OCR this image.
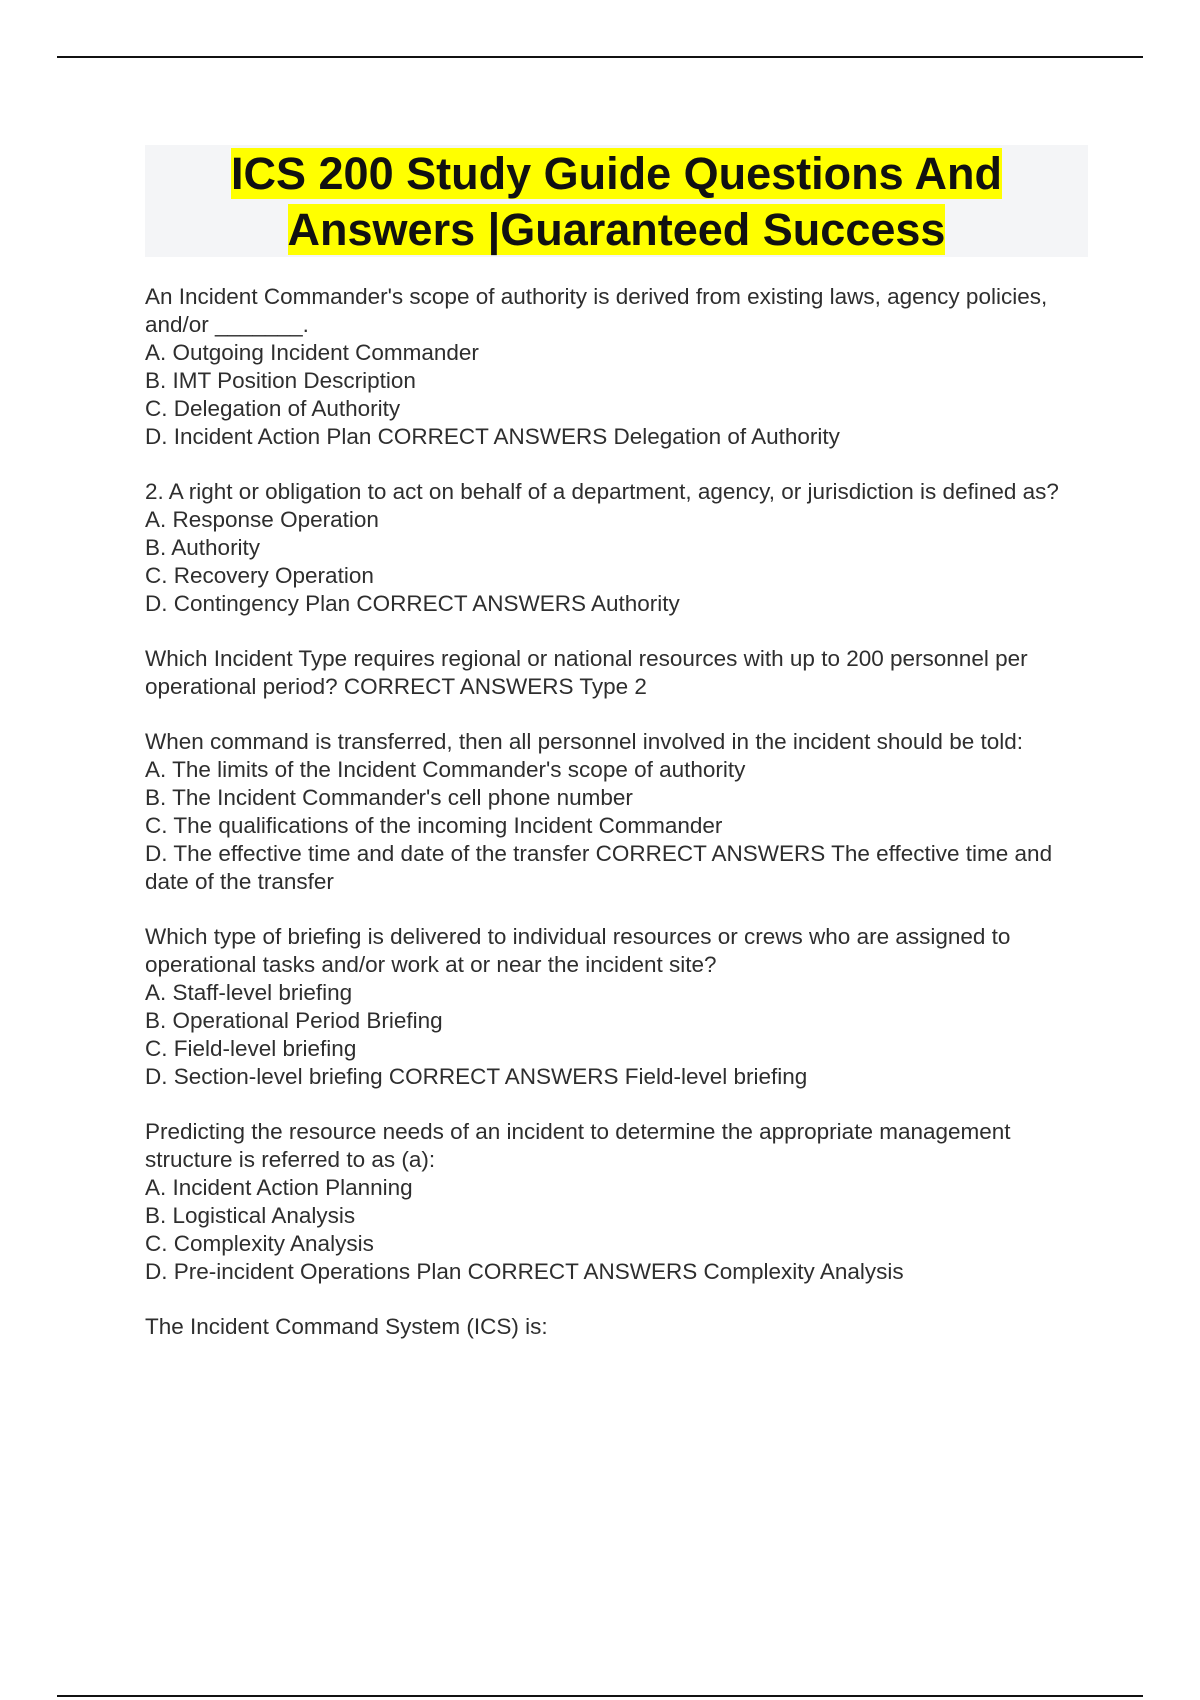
ICS 200 Study Guide Questions And
Answers |Guaranteed Success
An Incident Commander's scope of authority is derived from existing laws, agency policies, and/or _______.
A. Outgoing Incident Commander
B. IMT Position Description
C. Delegation of Authority
D. Incident Action Plan CORRECT ANSWERS Delegation of Authority
2. A right or obligation to act on behalf of a department, agency, or jurisdiction is defined as?
A. Response Operation
B. Authority
C. Recovery Operation
D. Contingency Plan CORRECT ANSWERS Authority
Which Incident Type requires regional or national resources with up to 200 personnel per operational period? CORRECT ANSWERS Type 2
When command is transferred, then all personnel involved in the incident should be told:
A. The limits of the Incident Commander's scope of authority
B. The Incident Commander's cell phone number
C. The qualifications of the incoming Incident Commander
D. The effective time and date of the transfer CORRECT ANSWERS The effective time and date of the transfer
Which type of briefing is delivered to individual resources or crews who are assigned to operational tasks and/or work at or near the incident site?
A. Staff-level briefing
B. Operational Period Briefing
C. Field-level briefing
D. Section-level briefing CORRECT ANSWERS Field-level briefing
Predicting the resource needs of an incident to determine the appropriate management structure is referred to as (a):
A. Incident Action Planning
B. Logistical Analysis
C. Complexity Analysis
D. Pre-incident Operations Plan CORRECT ANSWERS Complexity Analysis
The Incident Command System (ICS) is:
